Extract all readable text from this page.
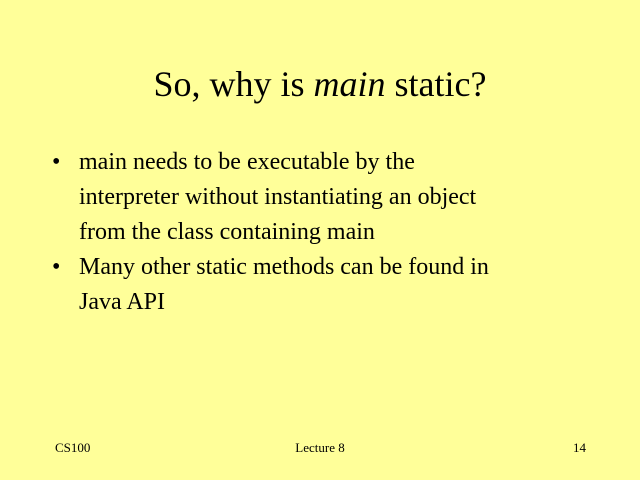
So, why is main static?
• main needs to be executable by the
interpreter without instantiating an object
from the class containing main
• Many other static methods can be found in
Java API
CS100	Lecture 8	14
